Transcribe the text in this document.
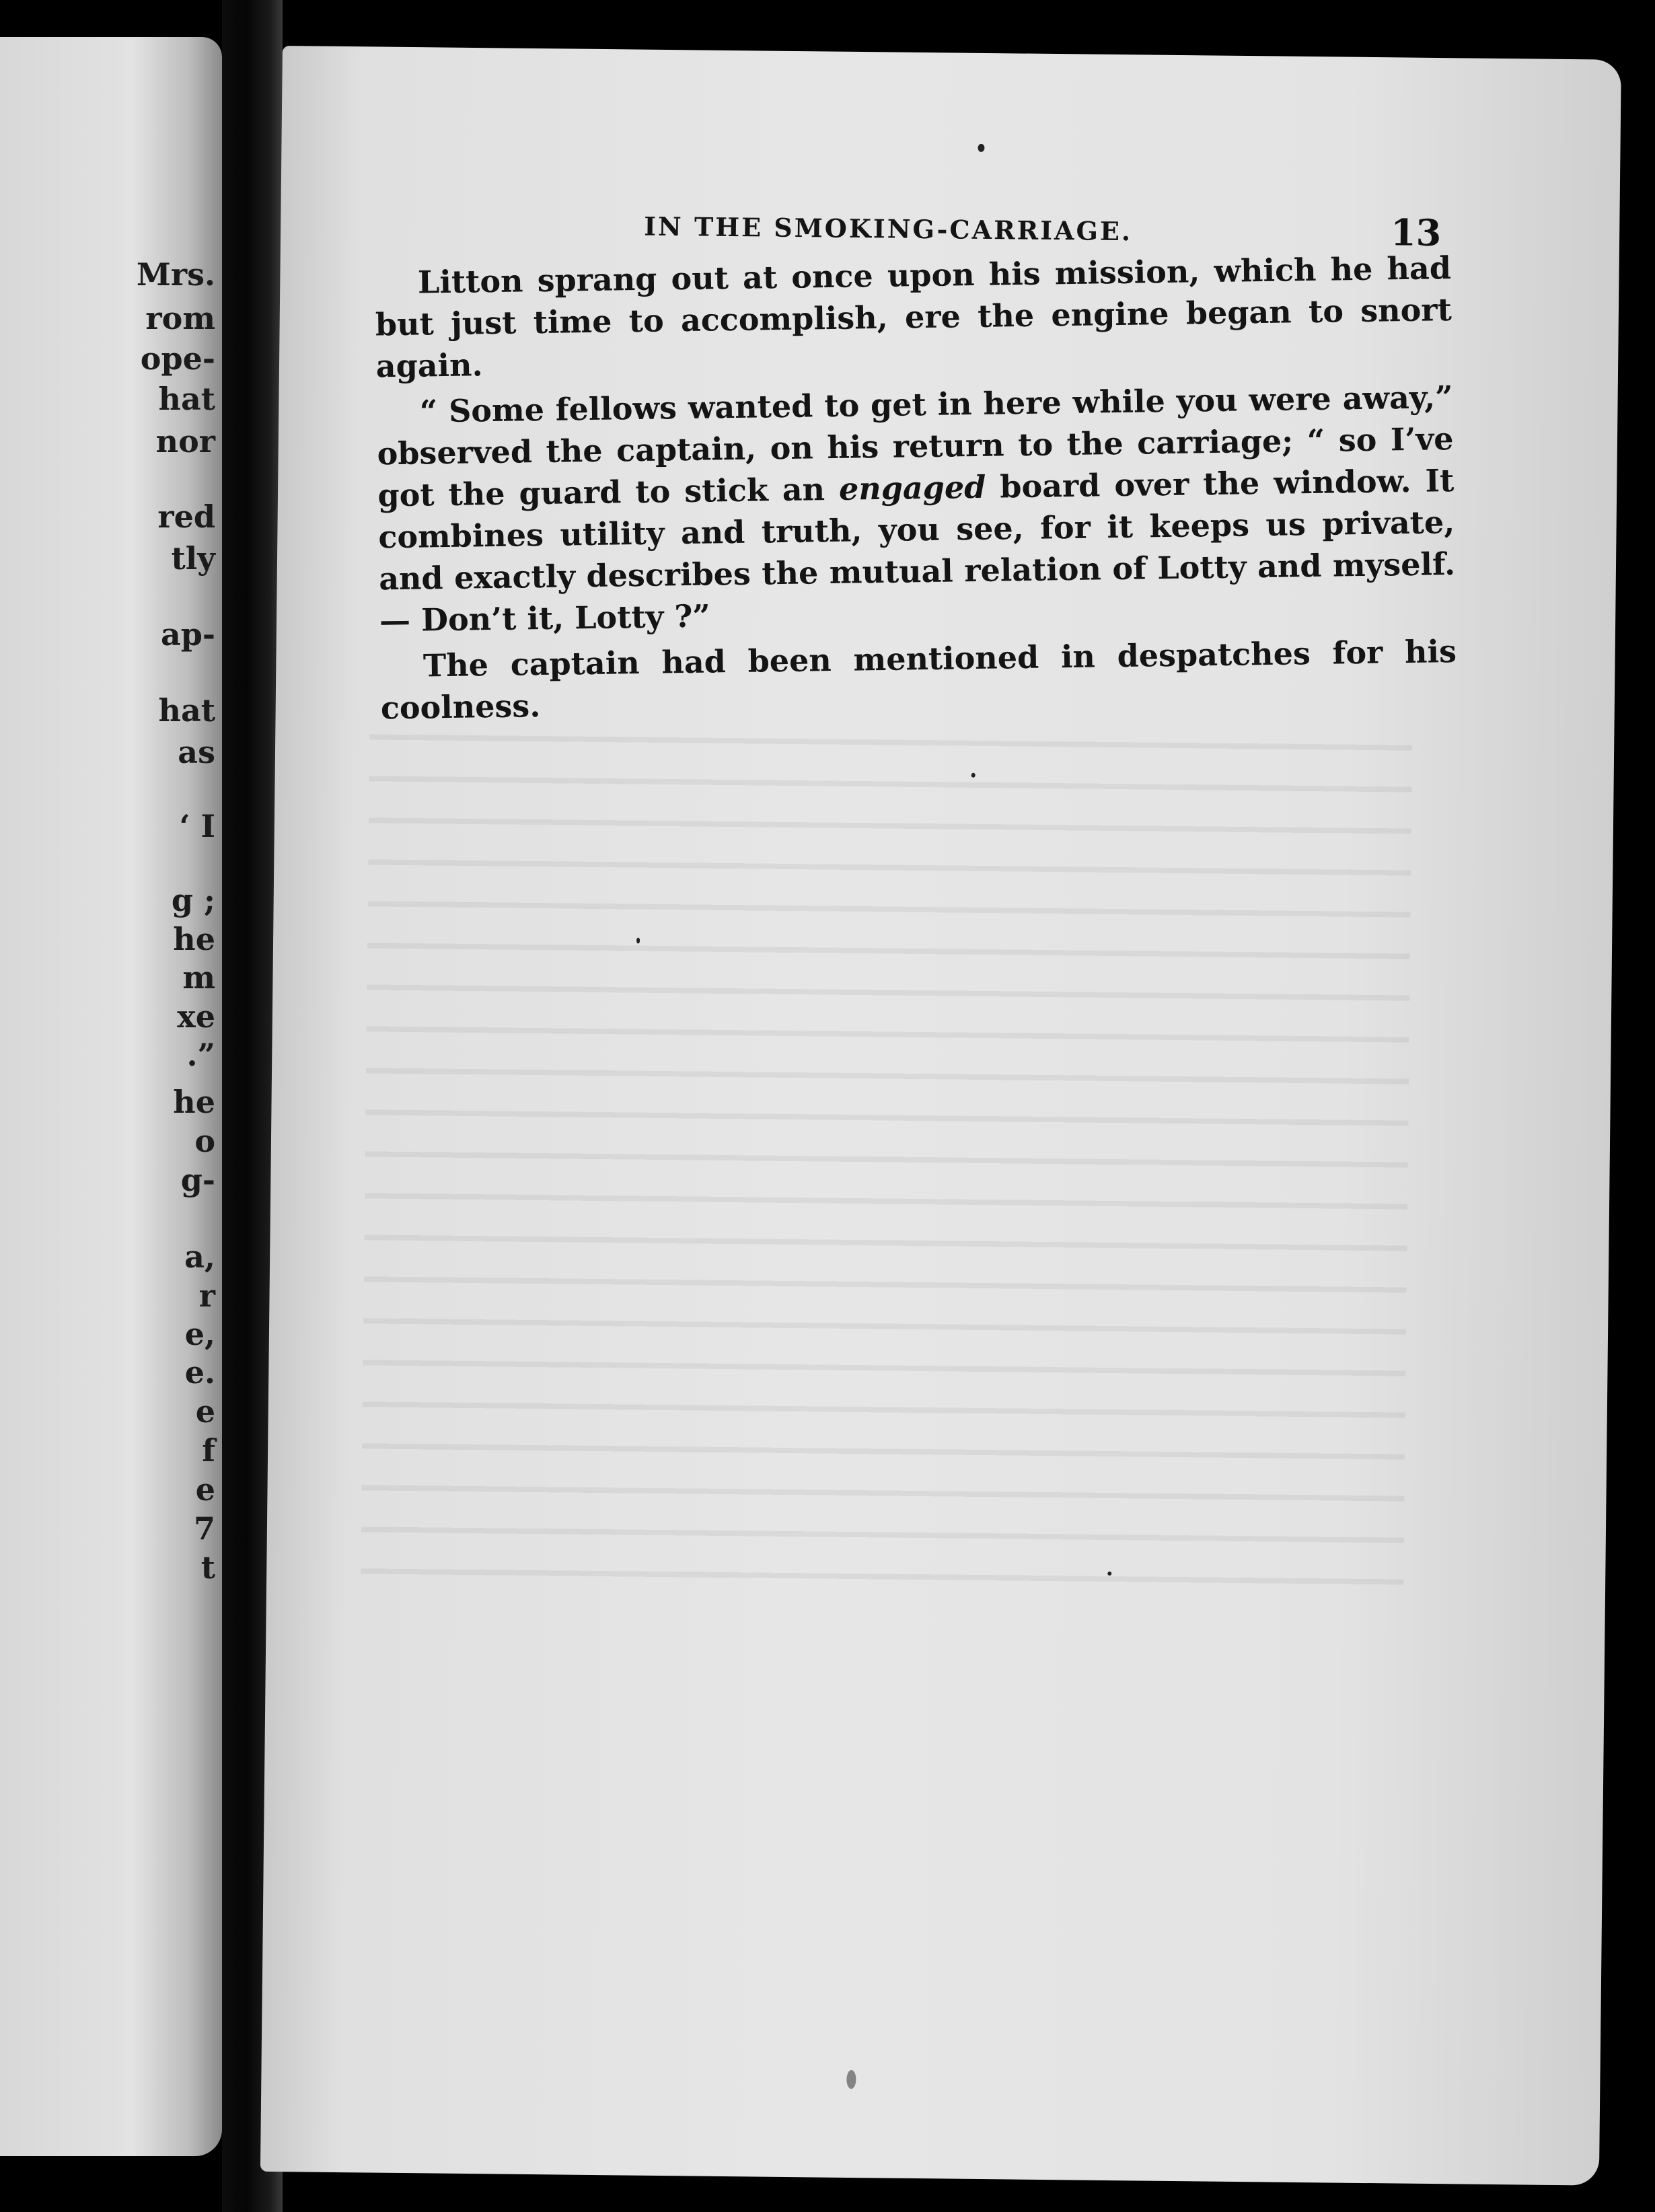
Mrs.
rom
ope-
hat
nor
red
tly
ap-
hat
as
‘ I
g ;
he
m
xe
.”
he
o
g-
a,
r
e,
e.
e
f
e
7
t
IN THE SMOKING-CARRIAGE.	13

Litton sprang out at once upon his mission, which he had but just time to accomplish, ere the engine began to snort again.

“ Some fellows wanted to get in here while you were away,” observed the captain, on his return to the carriage; “ so I’ve got the guard to stick an engaged board over the window. It combines utility and truth, you see, for it keeps us private, and exactly describes the mutual relation of Lotty and myself.— Don’t it, Lotty ?”

The captain had been mentioned in despatches for his coolness.
